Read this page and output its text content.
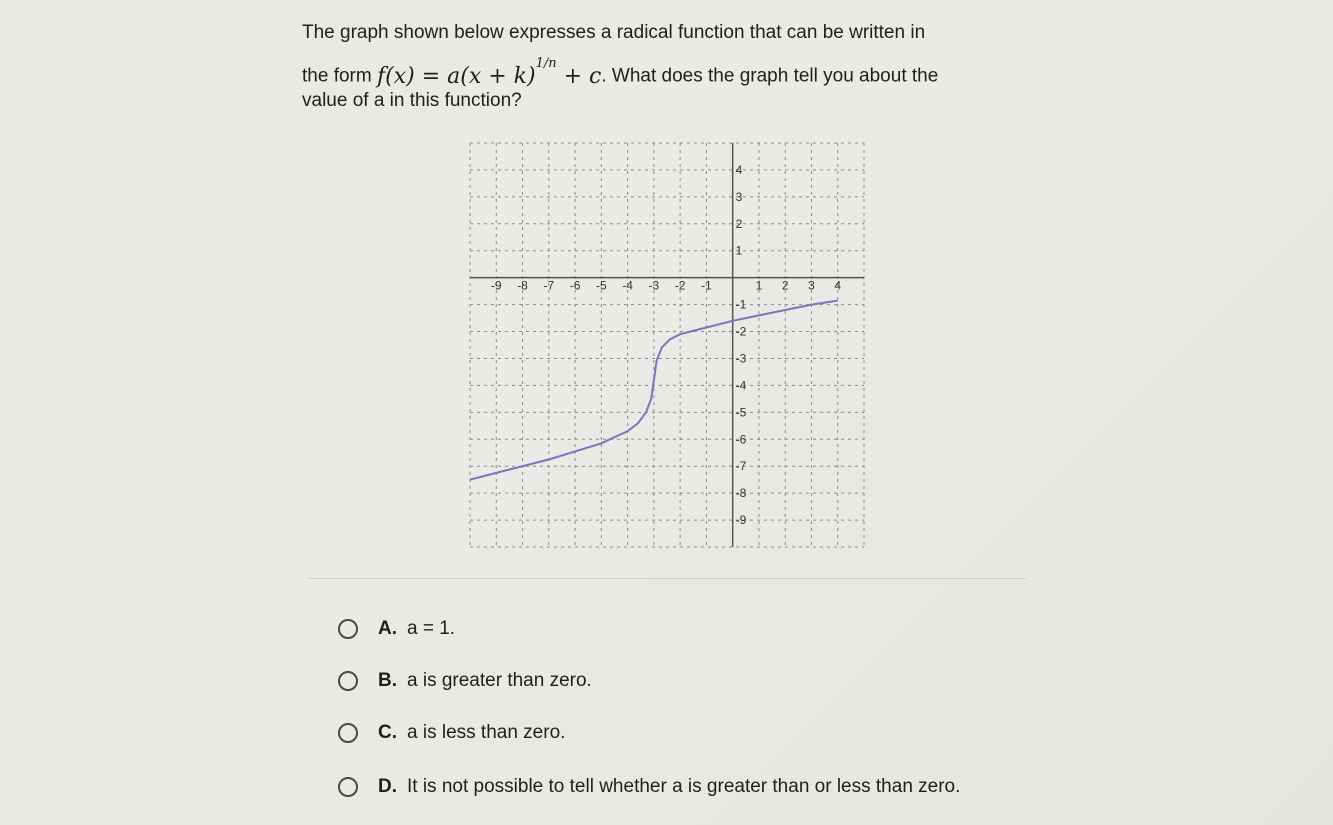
The graph shown below expresses a radical function that can be written in
the form $f(x) = a(x + k)^{1/n} + c$. What does the graph tell you about the
value of a in this function?
-9 -8 -7 -6 -5 -4 -3 -2 -1	1 2 3 4
4
3
2
1
-1
-2
-3
-4
-5
-6
-7
-8
-9
A. a = 1.
B. a is greater than zero.
C. a is less than zero.
D. It is not possible to tell whether a is greater than or less than zero.
